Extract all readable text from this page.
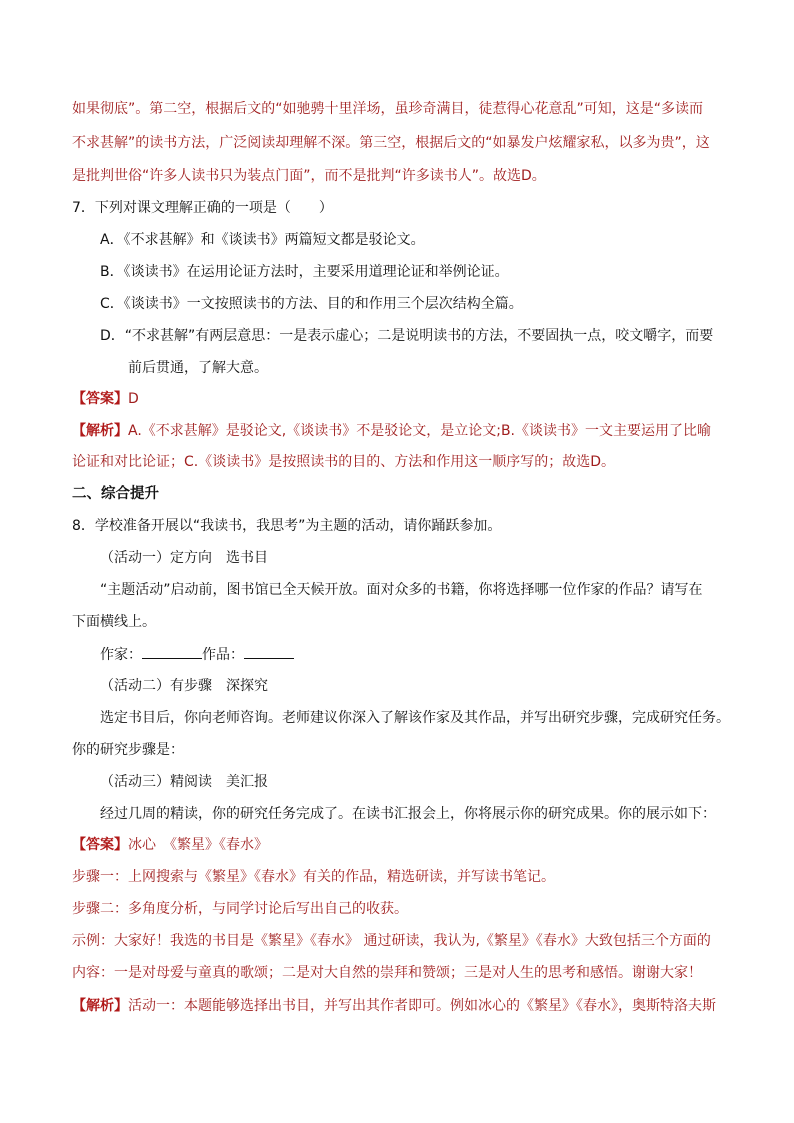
如果彻底”。第二空，根据后文的“如驰骋十里洋场，虽珍奇满目，徒惹得心花意乱”可知，这是“多读而
不求甚解”的读书方法，广泛阅读却理解不深。第三空，根据后文的“如暴发户炫耀家私，以多为贵”，这
是批判世俗“许多人读书只为装点门面”，而不是批判“许多读书人”。故选D。
7．下列对课文理解正确的一项是（　　）
A．《不求甚解》和《谈读书》两篇短文都是驳论文。
B．《谈读书》在运用论证方法时，主要采用道理论证和举例论证。
C．《谈读书》一文按照读书的方法、目的和作用三个层次结构全篇。
D．“不求甚解”有两层意思：一是表示虚心；二是说明读书的方法，不要固执一点，咬文嚼字，而要
前后贯通，了解大意。
【答案】D
【解析】A.《不求甚解》是驳论文,《谈读书》不是驳论文，是立论文;B.《谈读书》一文主要运用了比喻
论证和对比论证；C.《谈读书》是按照读书的目的、方法和作用这一顺序写的；故选D。
二、综合提升
8．学校准备开展以“我读书，我思考”为主题的活动，请你踊跃参加。
（活动一）定方向　选书目
“主题活动”启动前，图书馆已全天候开放。面对众多的书籍，你将选择哪一位作家的作品？请写在
下面横线上。
作家：	作品：
（活动二）有步骤　深探究
选定书目后，你向老师咨询。老师建议你深入了解该作家及其作品，并写出研究步骤，完成研究任务。
你的研究步骤是：
（活动三）精阅读　美汇报
经过几周的精读，你的研究任务完成了。在读书汇报会上，你将展示你的研究成果。你的展示如下：
【答案】冰心　《繁星》《春水》
步骤一：上网搜索与《繁星》《春水》有关的作品，精选研读，并写读书笔记。
步骤二：多角度分析，与同学讨论后写出自己的收获。
示例：大家好！我选的书目是《繁星》《春水》 通过研读，我认为,《繁星》《春水》大致包括三个方面的
内容：一是对母爱与童真的歌颂；二是对大自然的崇拜和赞颂；三是对人生的思考和感悟。谢谢大家！
【解析】活动一：本题能够选择出书目，并写出其作者即可。例如冰心的《繁星》《春水》，奥斯特洛夫斯
